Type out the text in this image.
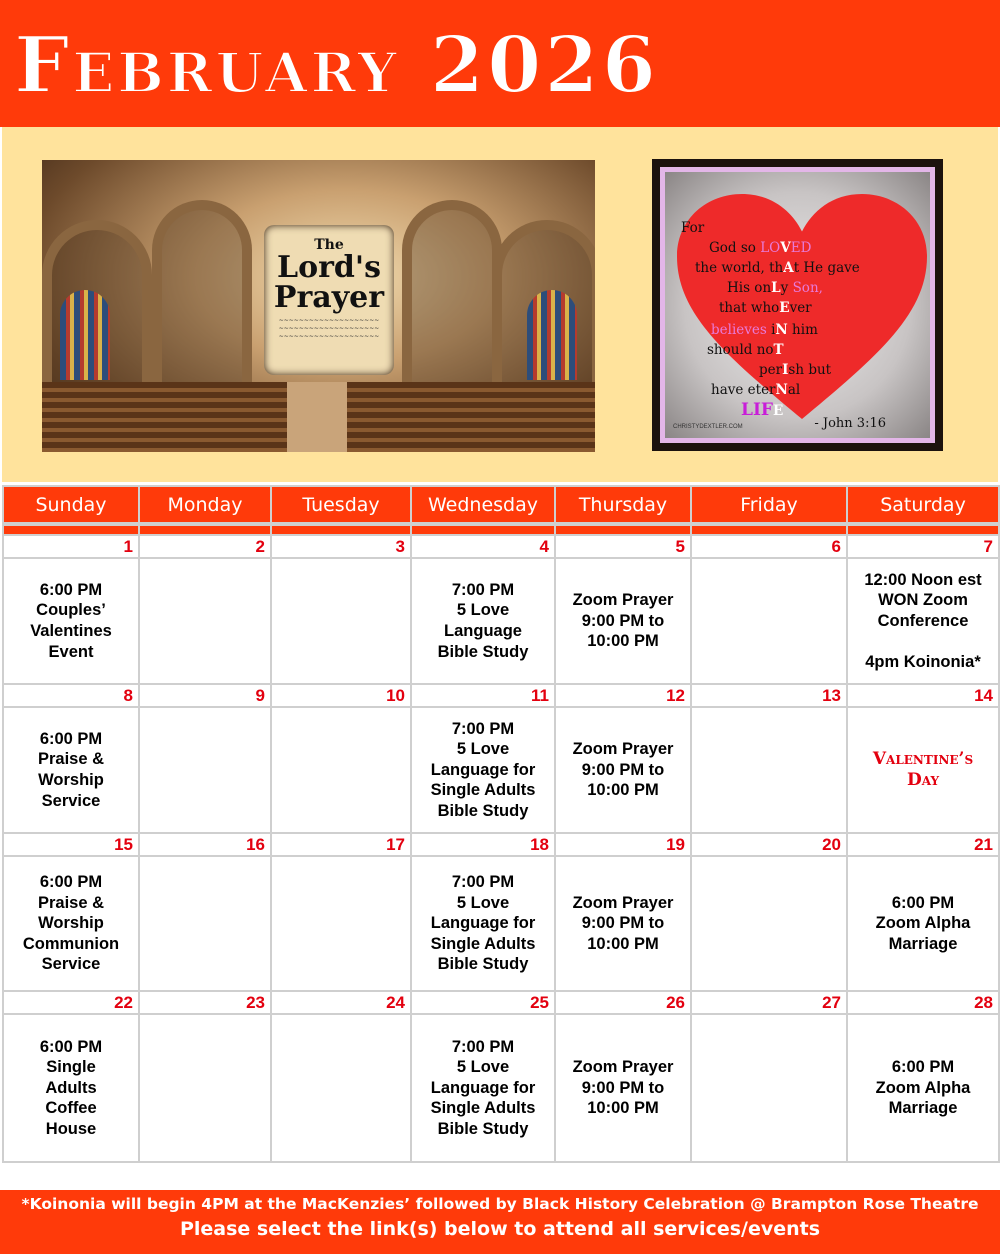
February 2026
The
Lord's
Prayer
~~~~~~~~~~~~~~~~~~~~
~~~~~~~~~~~~~~~~~~~~
~~~~~~~~~~~~~~~~~~~~
For
God so LOVED
the world, thAt He gave
His onLy Son,
that whoEver
believes iN him
should noT
perIsh but
have eterNal
LIFE
CHRISTYDEXTLER.COM	- John 3:16
Sunday	Monday	Tuesday	Wednesday	Thursday	Friday	Saturday

1	2	3	4	5	6	7
6:00 PM
Couples’
Valentines
Event			7:00 PM
5 Love
Language
Bible Study	Zoom Prayer
9:00 PM to
10:00 PM		12:00 Noon est
WON Zoom
Conference

4pm Koinonia*
8	9	10	11	12	13	14
6:00 PM
Praise &
Worship
Service			7:00 PM
5 Love
Language for
Single Adults
Bible Study	Zoom Prayer
9:00 PM to
10:00 PM		Valentine’s
Day
15	16	17	18	19	20	21
6:00 PM
Praise &
Worship
Communion
Service			7:00 PM
5 Love
Language for
Single Adults
Bible Study	Zoom Prayer
9:00 PM to
10:00 PM		6:00 PM
Zoom Alpha
Marriage
22	23	24	25	26	27	28
6:00 PM
Single
Adults
Coffee
House			7:00 PM
5 Love
Language for
Single Adults
Bible Study	Zoom Prayer
9:00 PM to
10:00 PM		6:00 PM
Zoom Alpha
Marriage
*Koinonia will begin 4PM at the MacKenzies’ followed by Black History Celebration @ Brampton Rose Theatre
Please select the link(s) below to attend all services/events
